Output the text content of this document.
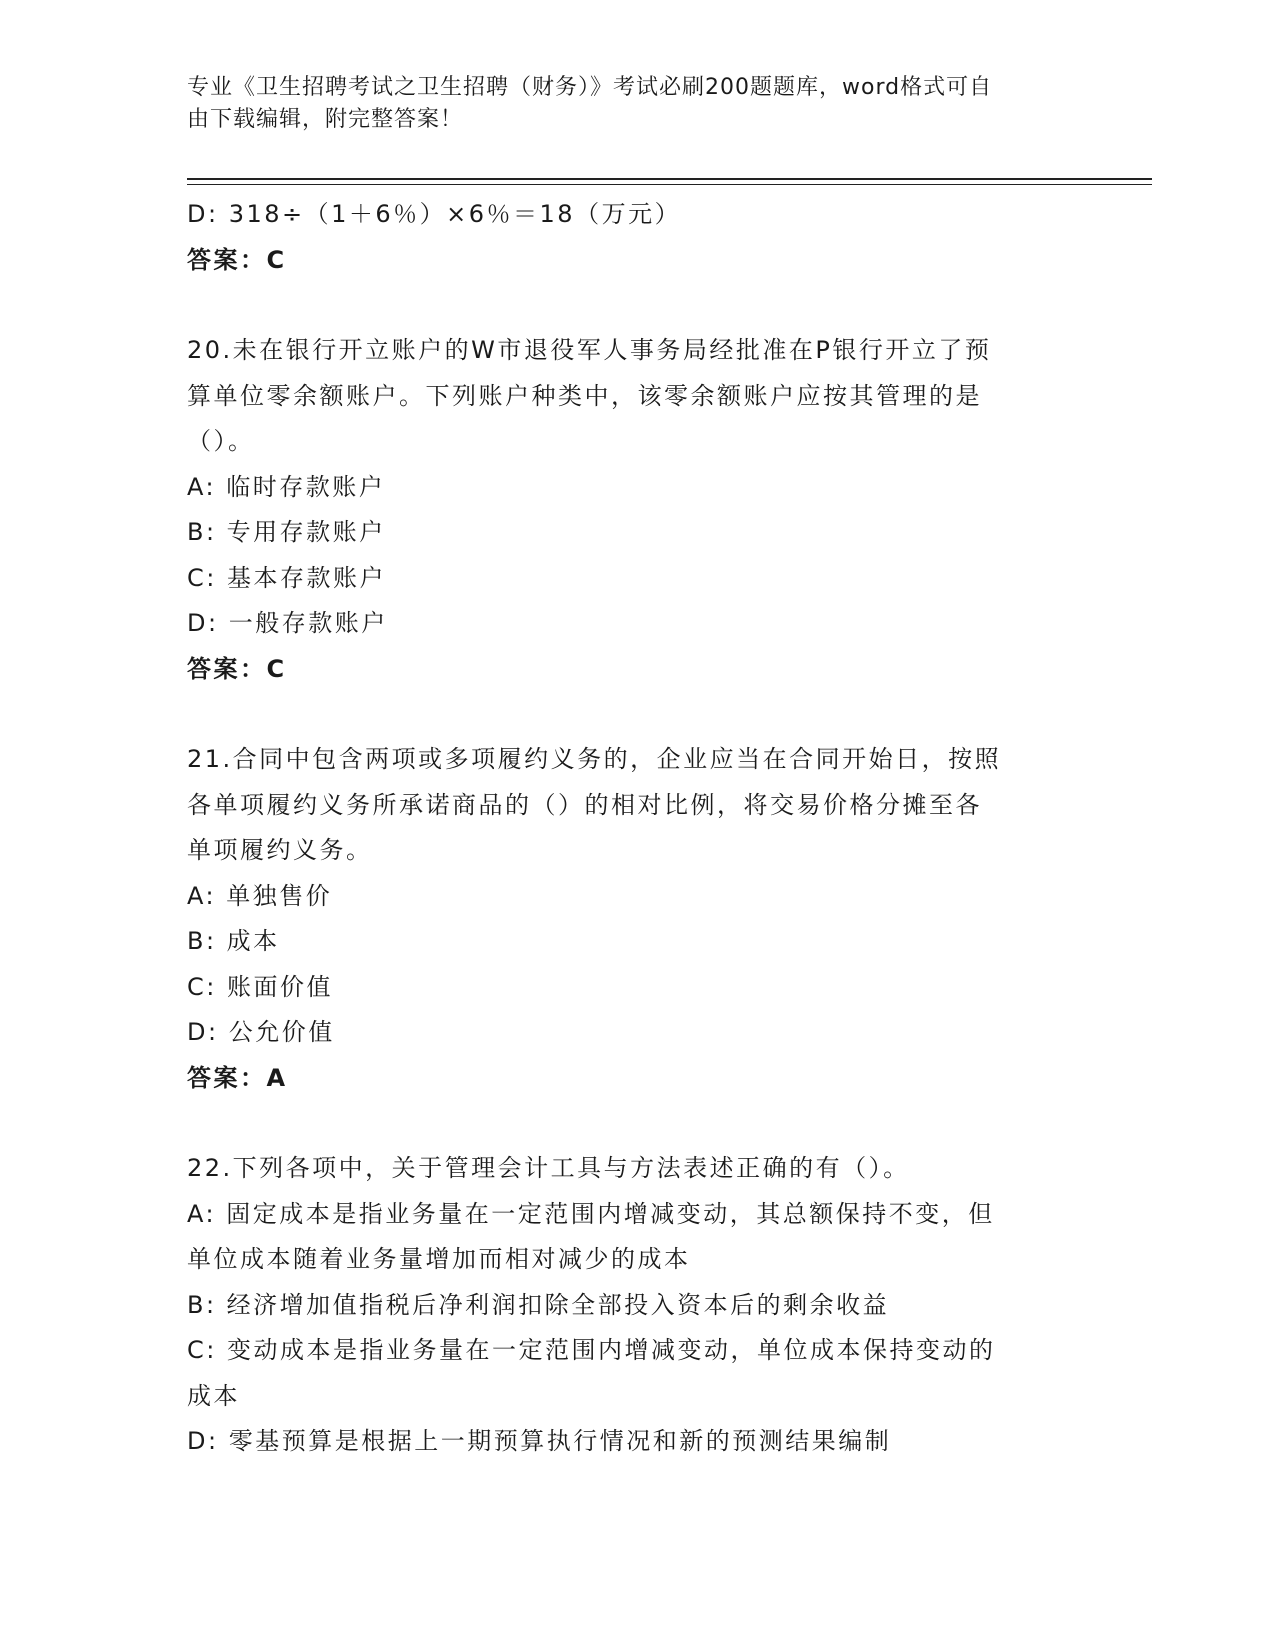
专业《卫生招聘考试之卫生招聘（财务）》考试必刷200题题库，word格式可自
由下载编辑，附完整答案！
D: 318÷（1＋6％）×6％＝18（万元）
答案：C
20.未在银行开立账户的W市退役军人事务局经批准在P银行开立了预
算单位零余额账户。下列账户种类中，该零余额账户应按其管理的是
（）。
A: 临时存款账户
B: 专用存款账户
C: 基本存款账户
D: 一般存款账户
答案：C
21.合同中包含两项或多项履约义务的，企业应当在合同开始日，按照
各单项履约义务所承诺商品的（）的相对比例，将交易价格分摊至各
单项履约义务。
A: 单独售价
B: 成本
C: 账面价值
D: 公允价值
答案：A
22.下列各项中，关于管理会计工具与方法表述正确的有（）。
A: 固定成本是指业务量在一定范围内增减变动，其总额保持不变，但
单位成本随着业务量增加而相对减少的成本
B: 经济增加值指税后净利润扣除全部投入资本后的剩余收益
C: 变动成本是指业务量在一定范围内增减变动，单位成本保持变动的
成本
D: 零基预算是根据上一期预算执行情况和新的预测结果编制
